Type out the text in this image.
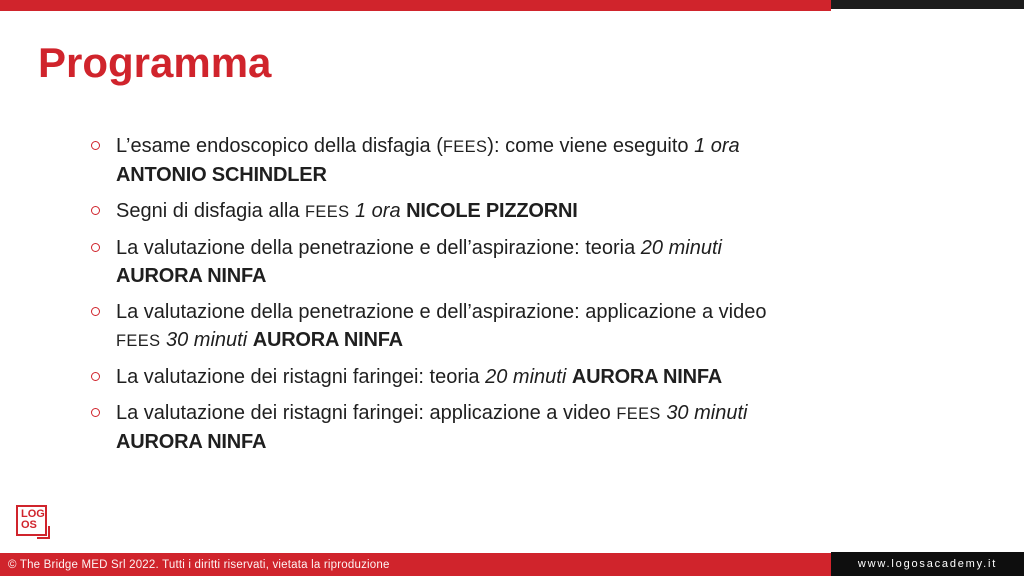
Programma
L’esame endoscopico della disfagia (FEES): come viene eseguito 1 ora
ANTONIO SCHINDLER
Segni di disfagia alla FEES 1 ora NICOLE PIZZORNI
La valutazione della penetrazione e dell’aspirazione: teoria 20 minuti
AURORA NINFA
La valutazione della penetrazione e dell’aspirazione: applicazione a video
FEES 30 minuti AURORA NINFA
La valutazione dei ristagni faringei: teoria 20 minuti AURORA NINFA
La valutazione dei ristagni faringei: applicazione a video FEES 30 minuti
AURORA NINFA
LOG
OS
© The Bridge MED Srl 2022. Tutti i diritti riservati, vietata la riproduzione	www.logosacademy.it
